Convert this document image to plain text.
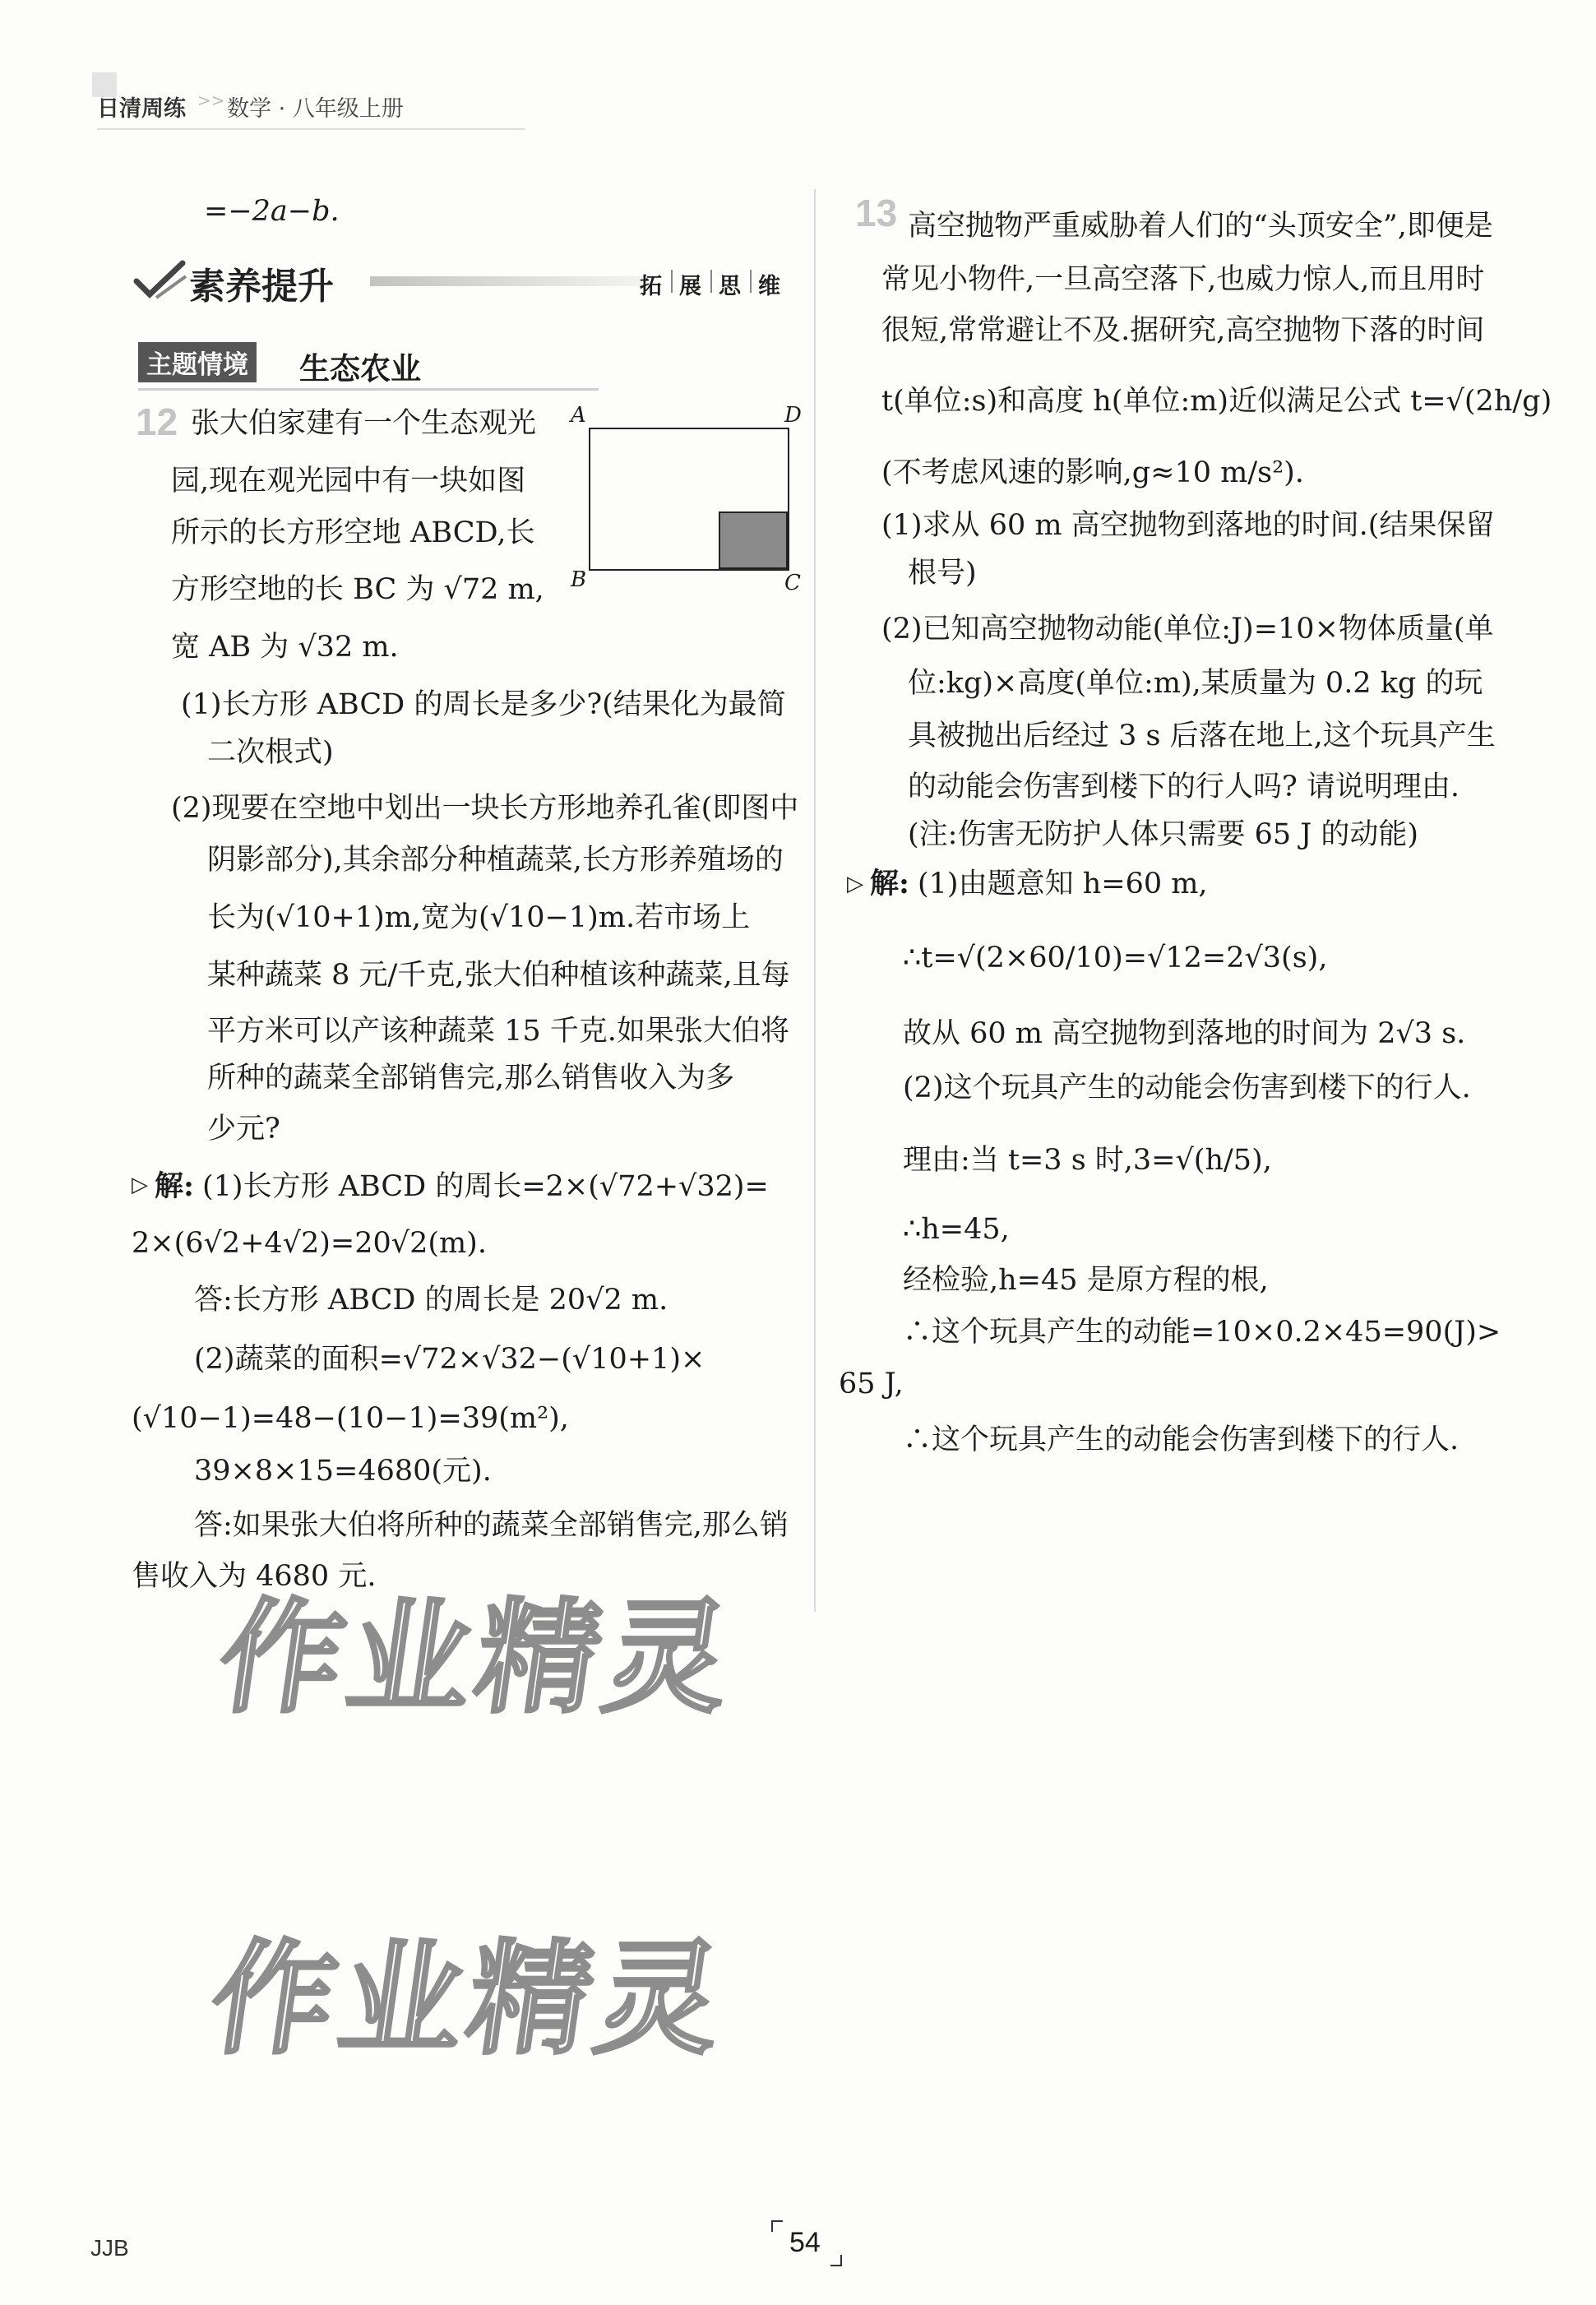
日清周练 >> 数学 · 八年级上册
=−2a−b.
素养提升	拓 展 思 维
主题情境 生态农业
12 张大伯家建有一个生态观光
园,现在观光园中有一块如图
所示的长方形空地 ABCD,长
方形空地的长 BC 为 √72 m,
宽 AB 为 √32 m.
A	D
B	C
(1)长方形 ABCD 的周长是多少?(结果化为最简
二次根式)
(2)现要在空地中划出一块长方形地养孔雀(即图中
阴影部分),其余部分种植蔬菜,长方形养殖场的
长为(√10+1)m,宽为(√10−1)m.若市场上
某种蔬菜 8 元/千克,张大伯种植该种蔬菜,且每
平方米可以产该种蔬菜 15 千克.如果张大伯将
所种的蔬菜全部销售完,那么销售收入为多
少元?
▷ 解: (1)长方形 ABCD 的周长=2×(√72+√32)=
2×(6√2+4√2)=20√2(m).
答:长方形 ABCD 的周长是 20√2 m.
(2)蔬菜的面积=√72×√32−(√10+1)×
(√10−1)=48−(10−1)=39(m²),
39×8×15=4680(元).
答:如果张大伯将所种的蔬菜全部销售完,那么销
售收入为 4680 元.
13 高空抛物严重威胁着人们的“头顶安全”,即便是
常见小物件,一旦高空落下,也威力惊人,而且用时
很短,常常避让不及.据研究,高空抛物下落的时间
t(单位:s)和高度 h(单位:m)近似满足公式 t=√(2h/g)
(不考虑风速的影响,g≈10 m/s²).
(1)求从 60 m 高空抛物到落地的时间.(结果保留
根号)
(2)已知高空抛物动能(单位:J)=10×物体质量(单
位:kg)×高度(单位:m),某质量为 0.2 kg 的玩
具被抛出后经过 3 s 后落在地上,这个玩具产生
的动能会伤害到楼下的行人吗? 请说明理由.
(注:伤害无防护人体只需要 65 J 的动能)
▷ 解: (1)由题意知 h=60 m,
∴t=√(2×60/10)=√12=2√3(s),
故从 60 m 高空抛物到落地的时间为 2√3 s.
(2)这个玩具产生的动能会伤害到楼下的行人.
理由:当 t=3 s 时,3=√(h/5),
∴h=45,
经检验,h=45 是原方程的根,
∴这个玩具产生的动能=10×0.2×45=90(J)>
65 J,
∴这个玩具产生的动能会伤害到楼下的行人.
作业精灵
作业精灵
JJB	54
